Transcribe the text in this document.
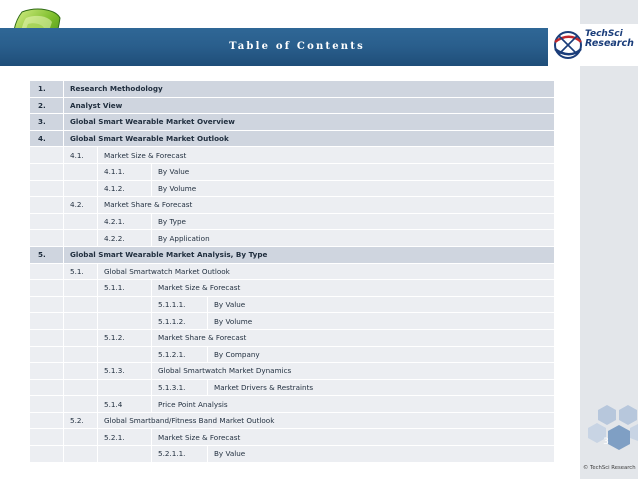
Table of Contents
TechSci
Research
1.	Research Methodology			
2.	Analyst View			
3.	Global Smart Wearable Market Overview			
4.	Global Smart Wearable Market Outlook			
	4.1.	Market Size & Forecast		
		4.1.1.	By Value	
		4.1.2.	By Volume	
	4.2.	Market Share & Forecast		
		4.2.1.	By Type	
		4.2.2.	By Application	
5.	Global Smart Wearable Market Analysis, By Type			
	5.1.	Global Smartwatch Market Outlook		
		5.1.1.	Market Size & Forecast	
			5.1.1.1.	By Value
			5.1.1.2.	By Volume
		5.1.2.	Market Share & Forecast	
			5.1.2.1.	By Company
		5.1.3.	Global Smartwatch Market Dynamics	
			5.1.3.1.	Market Drivers & Restraints
		5.1.4	Price Point Analysis	
	5.2.	Global Smartband/Fitness Band Market Outlook		
		5.2.1.	Market Size & Forecast	
			5.2.1.1.	By Value
3
© TechSci Research
